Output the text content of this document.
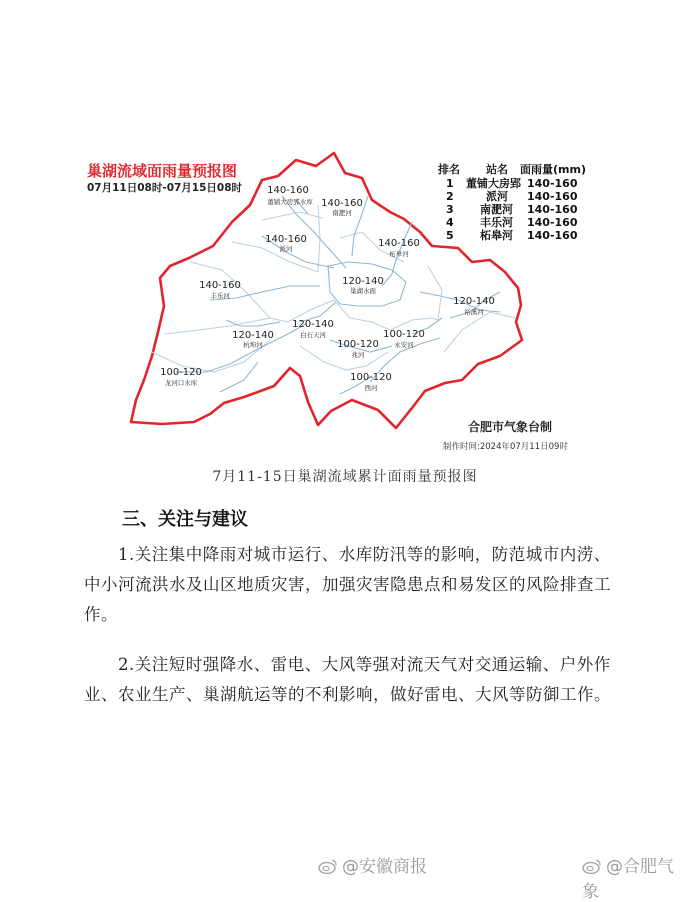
巢湖流域面雨量预报图
07月11日08时-07月15日08时
排名 站名 面雨量(mm)
1 董铺大房郢 140-160
2	派河 140-160
3 南淝河 140-160
4 丰乐河 140-160
5 柘皋河 140-160
140-160
董铺大房郢水库 140-160
南淝河
140-160
派河	140-160
柘皋河
140-160
丰乐河
120-140
巢湖水面
120-140
裕溪河
120-140
杭埠河
120-140
白石天河
100-120
兆河
100-120
永安河
100-120
龙河口水库	100-120
西河
合肥市气象台制
制作时间:2024年07月11日09时
7月11-15日巢湖流域累计面雨量预报图
三、关注与建议
1.关注集中降雨对城市运行、水库防汛等的影响，防范城市内涝、中小河流洪水及山区地质灾害，加强灾害隐患点和易发区的风险排查工作。
2.关注短时强降水、雷电、大风等强对流天气对交通运输、户外作业、农业生产、巢湖航运等的不利影响，做好雷电、大风等防御工作。
@安徽商报	@合肥气象
